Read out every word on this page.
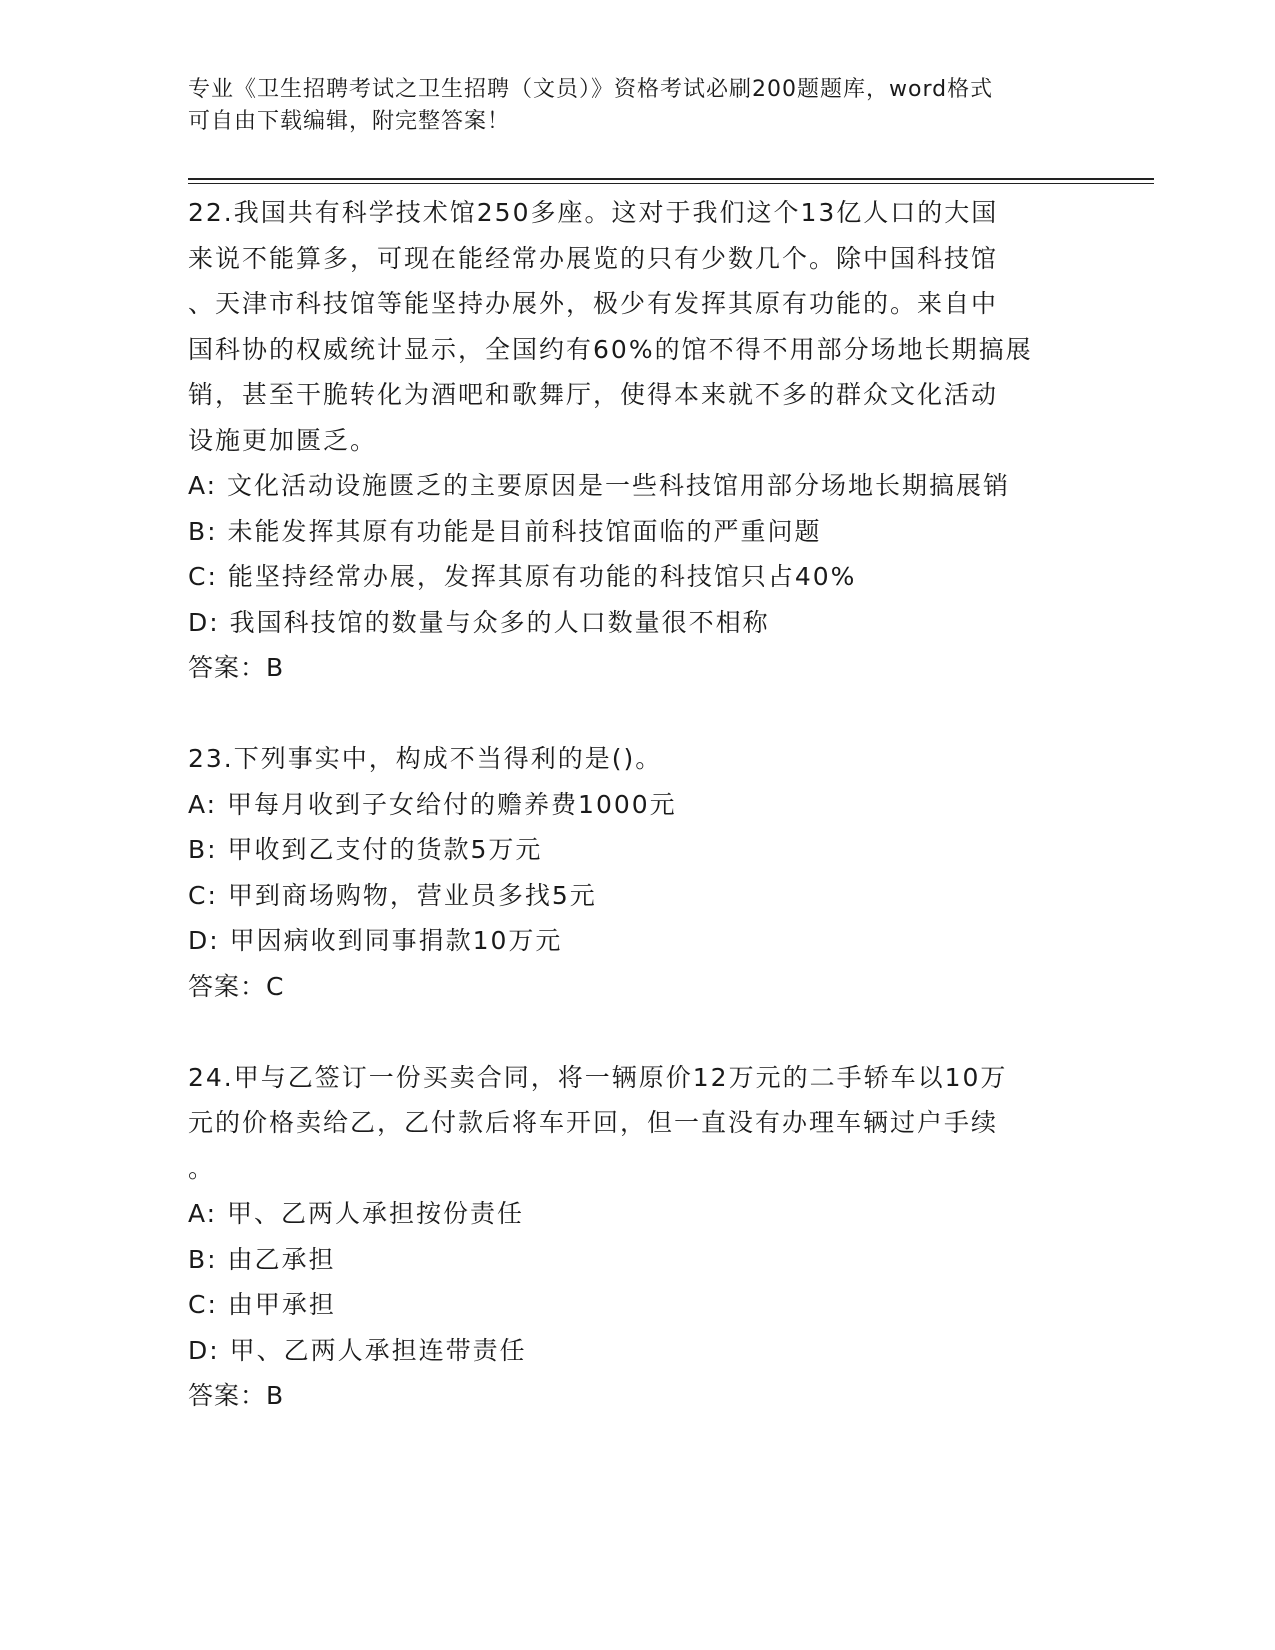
专业《卫生招聘考试之卫生招聘（文员）》资格考试必刷200题题库，word格式
可自由下载编辑，附完整答案！
22.我国共有科学技术馆250多座。这对于我们这个13亿人口的大国
来说不能算多，可现在能经常办展览的只有少数几个。除中国科技馆
、天津市科技馆等能坚持办展外，极少有发挥其原有功能的。来自中
国科协的权威统计显示，全国约有60%的馆不得不用部分场地长期搞展
销，甚至干脆转化为酒吧和歌舞厅，使得本来就不多的群众文化活动
设施更加匮乏。
A: 文化活动设施匮乏的主要原因是一些科技馆用部分场地长期搞展销
B: 未能发挥其原有功能是目前科技馆面临的严重问题
C: 能坚持经常办展，发挥其原有功能的科技馆只占40%
D: 我国科技馆的数量与众多的人口数量很不相称
答案：B
23.下列事实中，构成不当得利的是()。
A: 甲每月收到子女给付的赡养费1000元
B: 甲收到乙支付的货款5万元
C: 甲到商场购物，营业员多找5元
D: 甲因病收到同事捐款10万元
答案：C
24.甲与乙签订一份买卖合同，将一辆原价12万元的二手轿车以10万
元的价格卖给乙，乙付款后将车开回，但一直没有办理车辆过户手续
。
A: 甲、乙两人承担按份责任
B: 由乙承担
C: 由甲承担
D: 甲、乙两人承担连带责任
答案：B
